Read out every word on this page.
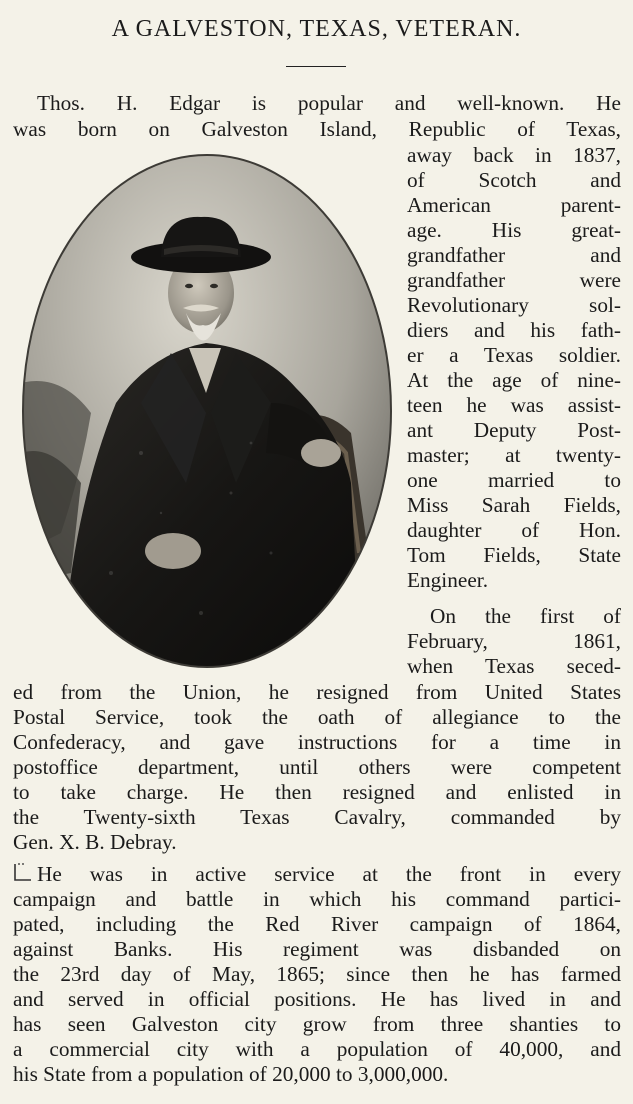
A GALVESTON, TEXAS, VETERAN.
Thos. H. Edgar is popular and well-known. He
was born on Galveston Island, Republic of Texas,
away back in 1837,
of Scotch and
American parent-
age. His great-
grandfather and
grandfather were
Revolutionary sol-
diers and his fath-
er a Texas soldier.
At the age of nine-
teen he was assist-
ant Deputy Post-
master; at twenty-
one married to
Miss Sarah Fields,
daughter of Hon.
Tom Fields, State
Engineer.
On the first of
February, 1861,
when Texas seced-
ed from the Union, he resigned from United States
Postal Service, took the oath of allegiance to the
Confederacy, and gave instructions for a time in
postoffice department, until others were competent
to take charge. He then resigned and enlisted in
the Twenty-sixth Texas Cavalry, commanded by
Gen. X. B. Debray.
He was in active service at the front in every
campaign and battle in which his command partici-
pated, including the Red River campaign of 1864,
against Banks. His regiment was disbanded on
the 23rd day of May, 1865; since then he has farmed
and served in official positions. He has lived in and
has seen Galveston city grow from three shanties to
a commercial city with a population of 40,000, and
his State from a population of 20,000 to 3,000,000.
